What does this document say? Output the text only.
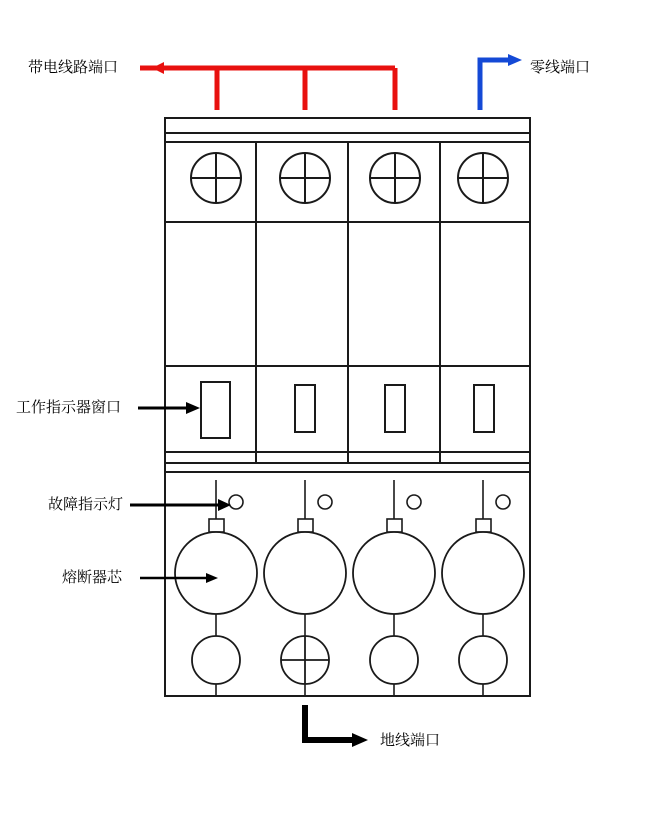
带电线路端口	零线端口
工作指示器窗口
故障指示灯
熔断器芯
地线端口
